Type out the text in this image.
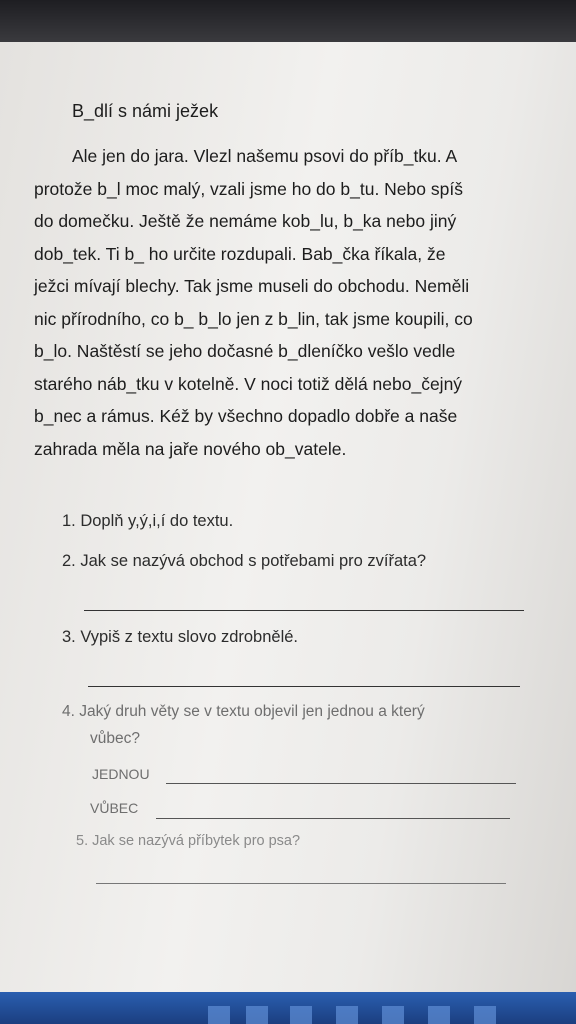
B_dlí s námi ježek
Ale jen do jara. Vlezl našemu psovi do příb_tku. A
protože b_l moc malý, vzali jsme ho do b_tu. Nebo spíš
do domečku. Ještě že nemáme kob_lu, b_ka nebo jiný
dob_tek. Ti b_ ho určite rozdupali. Bab_čka říkala, že
ježci mívají blechy. Tak jsme museli do obchodu. Neměli
nic přírodního, co b_ b_lo jen z b_lin, tak jsme koupili, co
b_lo. Naštěstí se jeho dočasné b_dleníčko vešlo vedle
starého náb_tku v kotelně. V noci totiž dělá nebo_čejný
b_nec a rámus. Kéž by všechno dopadlo dobře a naše
zahrada měla na jaře nového ob_vatele.
1. Doplň y,ý,i,í do textu.
2. Jak se nazývá obchod s potřebami pro zvířata?
3. Vypiš z textu slovo zdrobnělé.
4. Jaký druh věty se v textu objevil jen jednou a který
vůbec?
JEDNOU
VŮBEC
5. Jak se nazývá příbytek pro psa?
